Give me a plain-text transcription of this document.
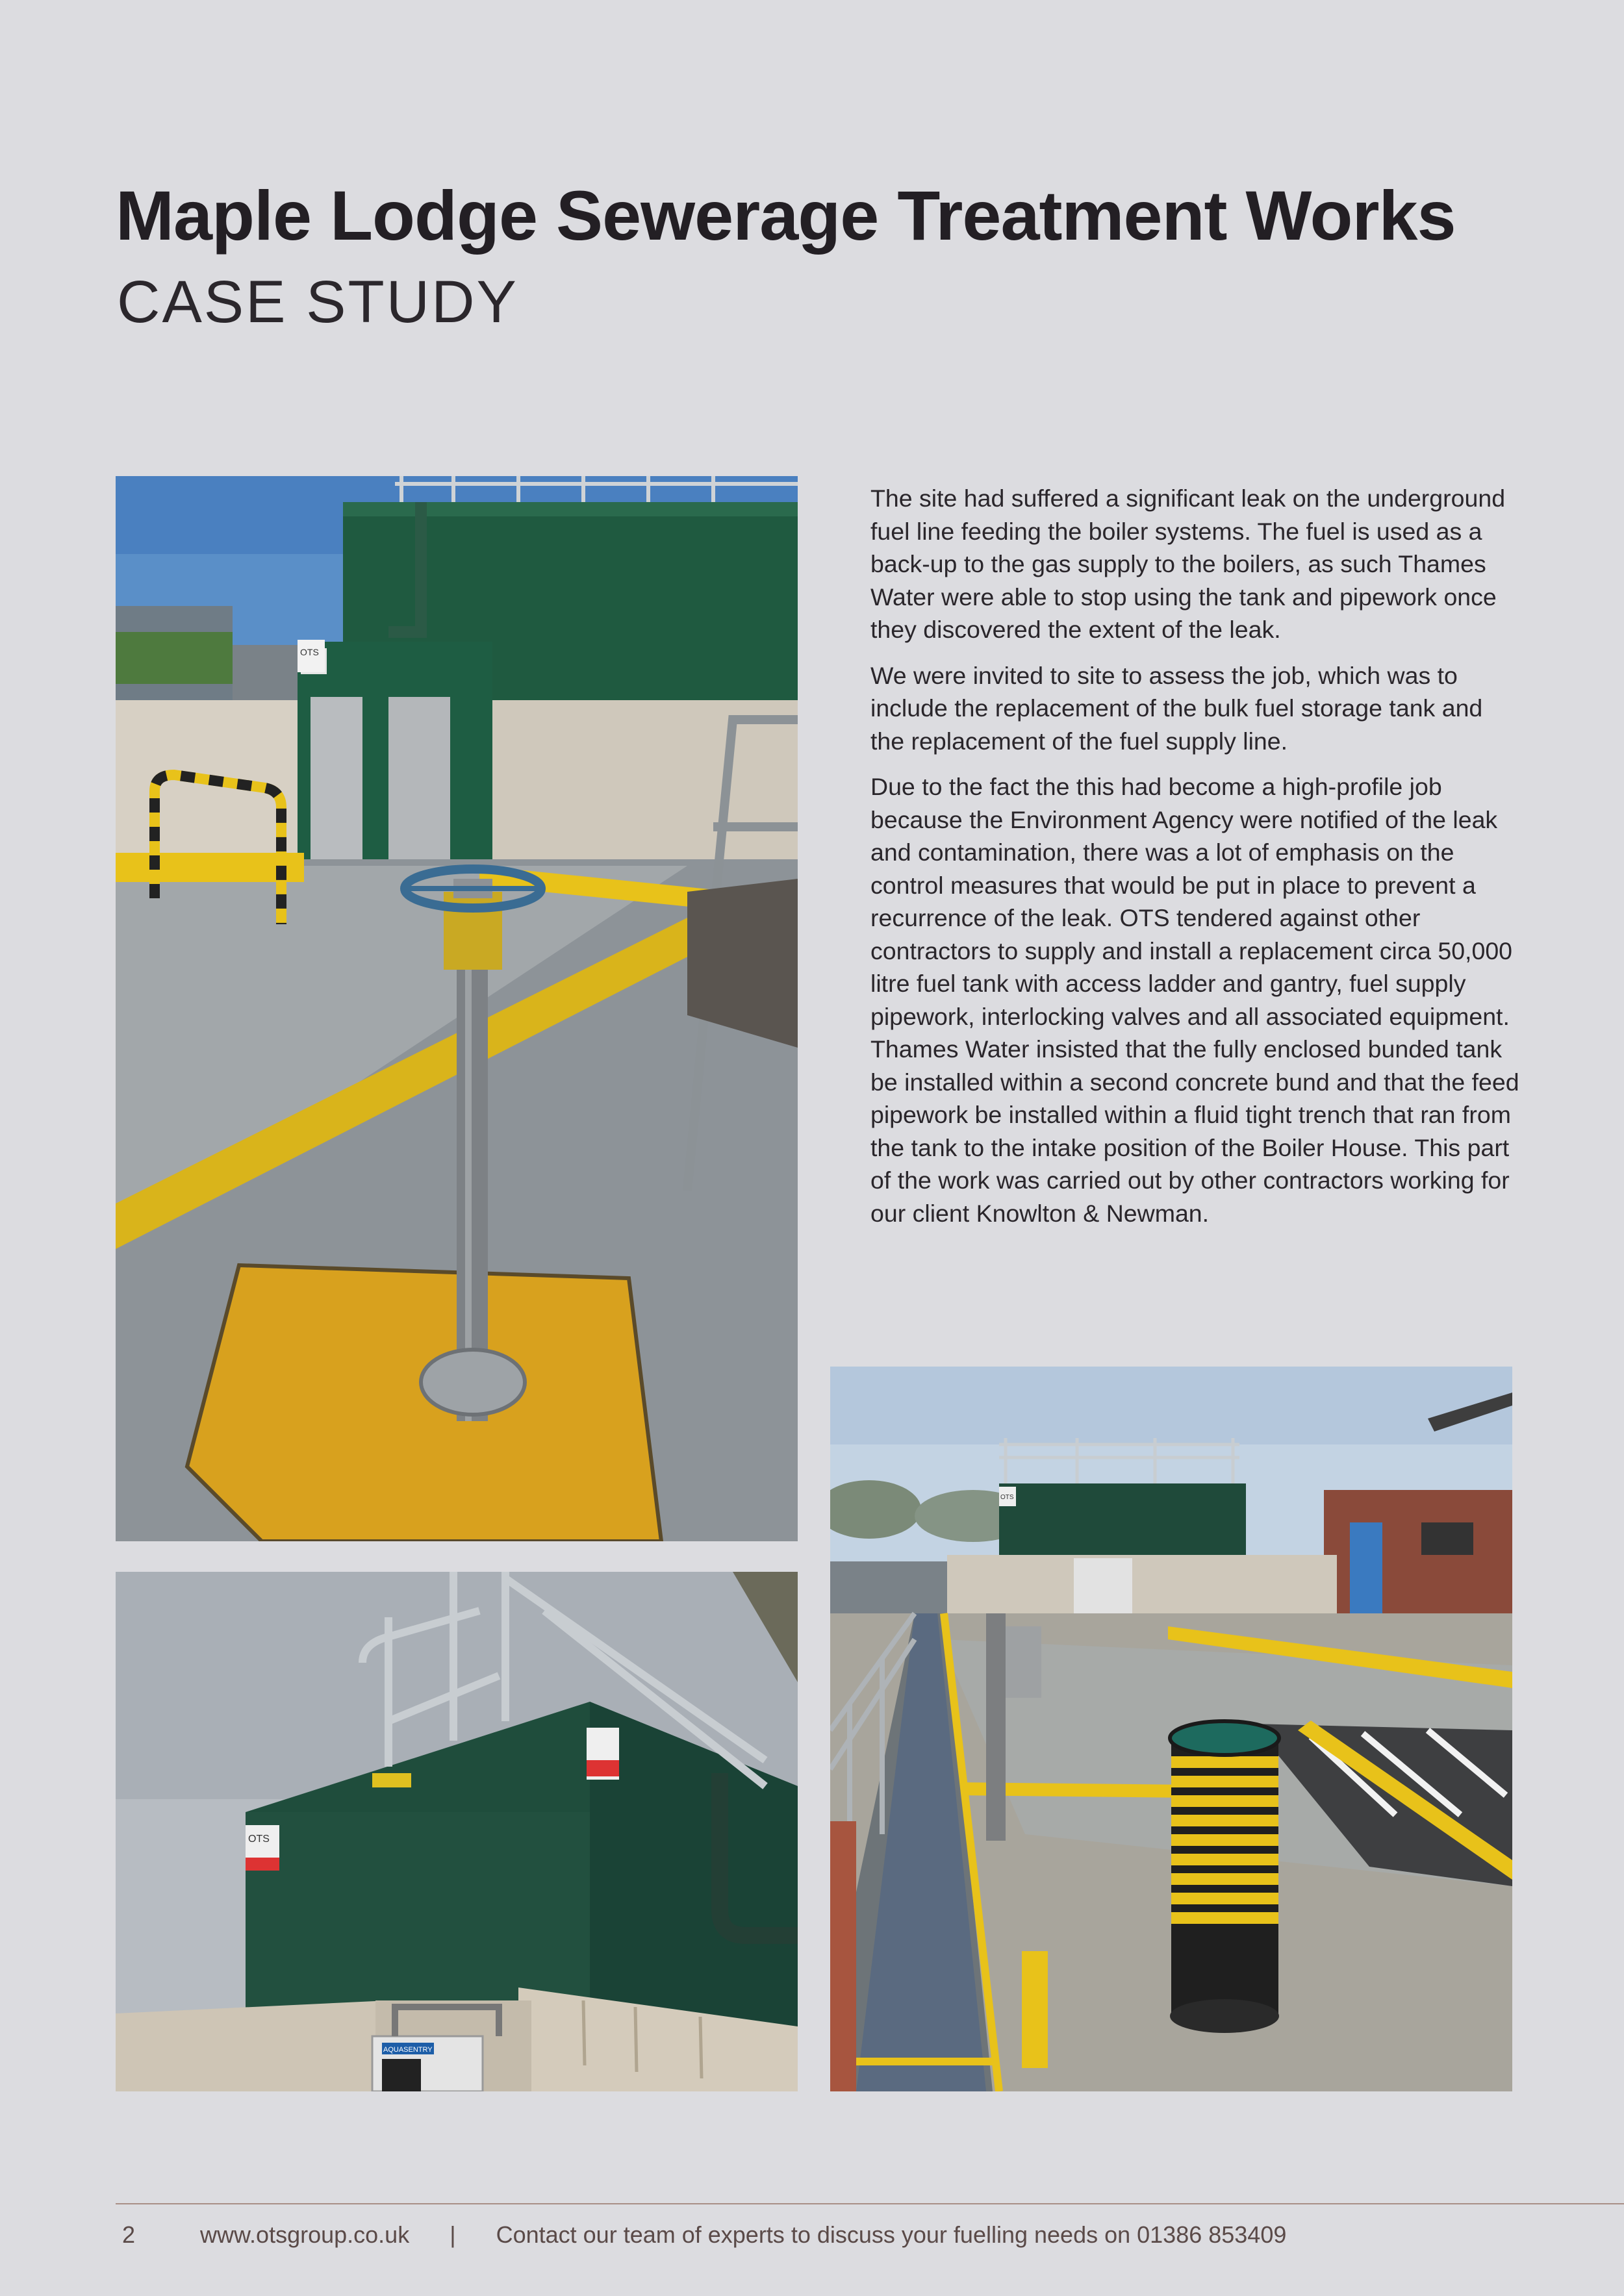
Maple Lodge Sewerage Treatment Works
CASE STUDY
OTS
OTS
AQUASENTRY
OTS

The site had suffered a significant leak on the underground fuel line feeding the boiler systems. The fuel is used as a back-up to the gas supply to the boilers, as such Thames Water were able to stop using the tank and pipework once they discovered the extent of the leak.

We were invited to site to assess the job, which was to include the replacement of the bulk fuel storage tank and the replacement of the fuel supply line.

Due to the fact the this had become a high-profile job because the Environment Agency were notified of the leak and contamination, there was a lot of emphasis on the control measures that would be put in place to prevent a recurrence of the leak. OTS tendered against other contractors to supply and install a replacement circa 50,000 litre fuel tank with access ladder and gantry, fuel supply pipework, interlocking valves and all associated equipment. Thames Water insisted that the fully enclosed bunded tank be installed within a second concrete bund and that the feed pipework be installed within a fluid tight trench that ran from the tank to the intake position of the Boiler House. This part of the work was carried out by other contractors working for our client Knowlton & Newman.

2	www.otsgroup.co.uk | Contact our team of experts to discuss your fuelling needs on 01386 853409
